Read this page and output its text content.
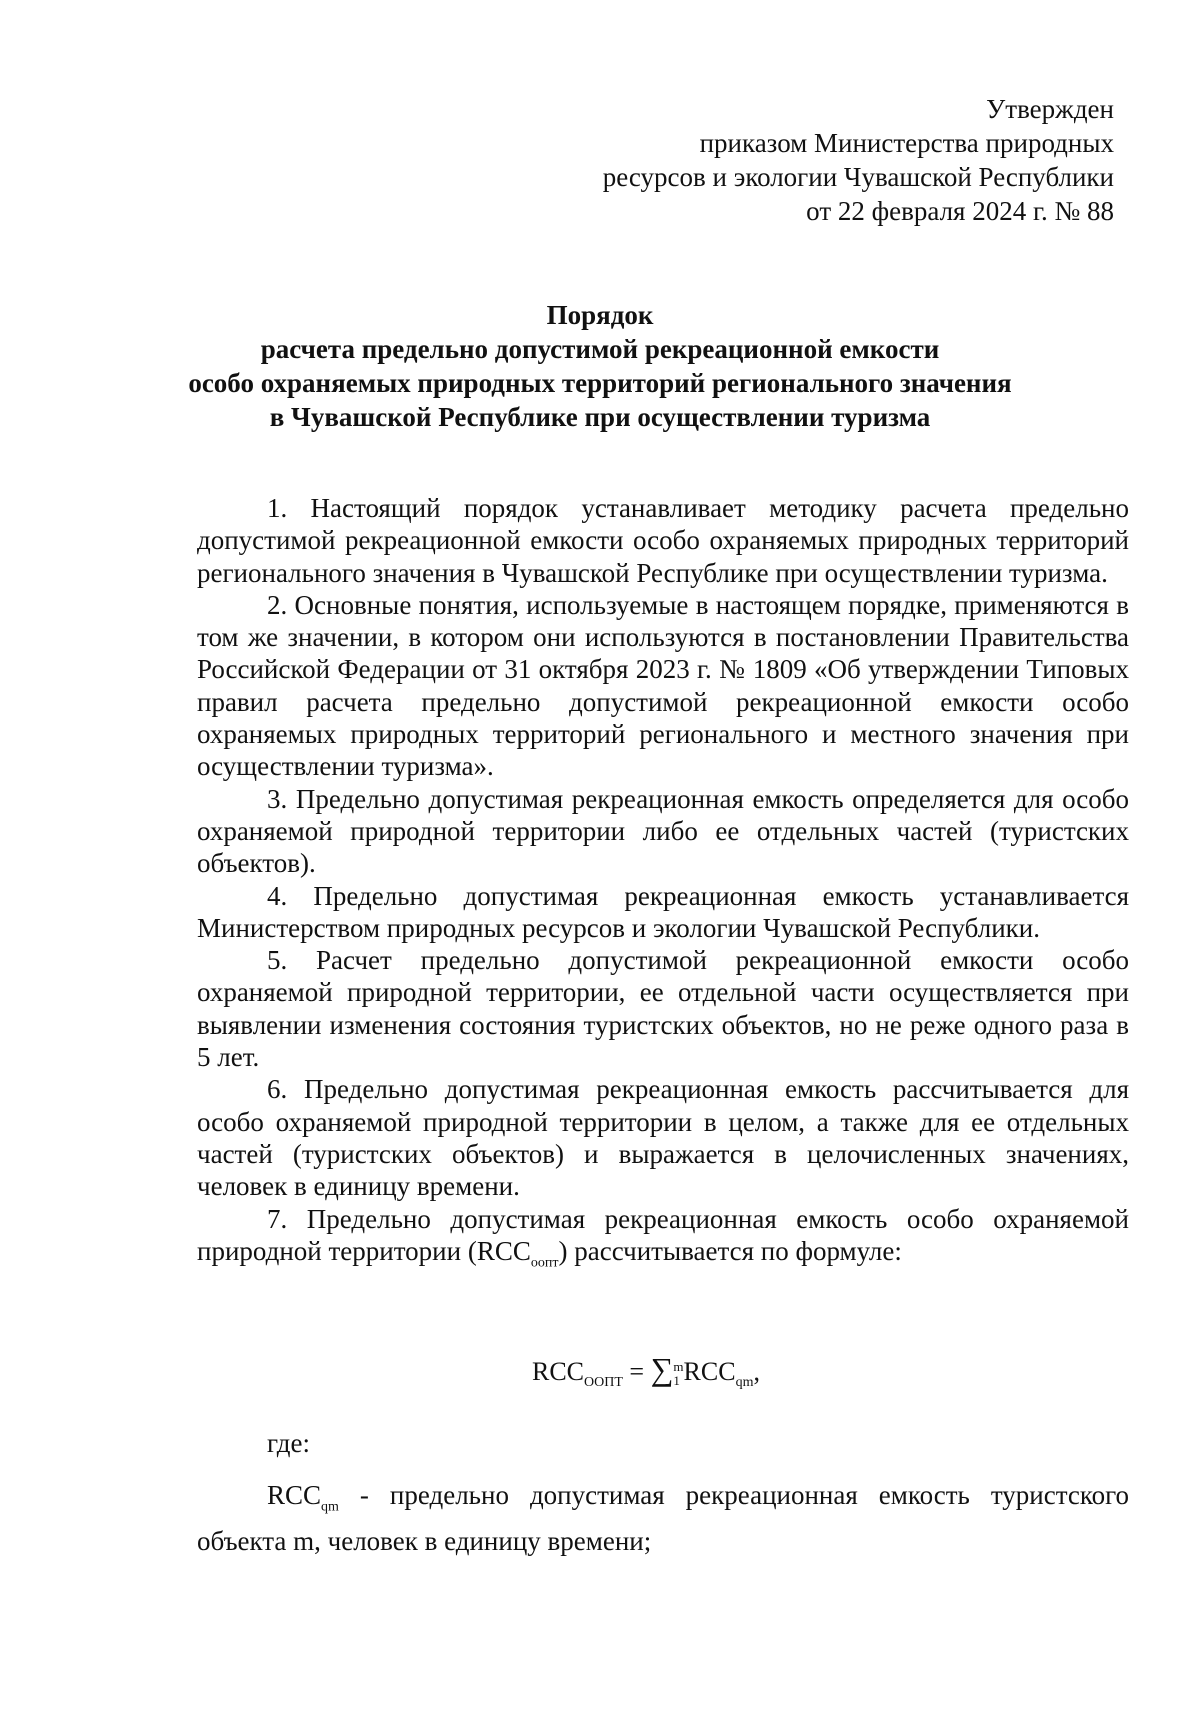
Утвержден
приказом Министерства природных
ресурсов и экологии Чувашской Республики
от 22 февраля 2024 г. № 88
Порядок
расчета предельно допустимой рекреационной емкости
особо охраняемых природных территорий регионального значения
в Чувашской Республике при осуществлении туризма

1. Настоящий порядок устанавливает методику расчета предельно допустимой рекреационной емкости особо охраняемых природных территорий регионального значения в Чувашской Республике при осуществлении туризма.

2. Основные понятия, используемые в настоящем порядке, применяются в том же значении, в котором они используются в постановлении Правительства Российской Федерации от 31 октября 2023 г. № 1809 «Об утверждении Типовых правил расчета предельно допустимой рекреационной емкости особо охраняемых природных территорий регионального и местного значения при осуществлении туризма».

3. Предельно допустимая рекреационная емкость определяется для особо охраняемой природной территории либо ее отдельных частей (туристских объектов).

4. Предельно допустимая рекреационная емкость устанавливается Министерством природных ресурсов и экологии Чувашской Республики.

5. Расчет предельно допустимой рекреационной емкости особо охраняемой природной территории, ее отдельной части осуществляется при выявлении изменения состояния туристских объектов, но не реже одного раза в 5 лет.

6. Предельно допустимая рекреационная емкость рассчитывается для особо охраняемой природной территории в целом, а также для ее отдельных частей (туристских объектов) и выражается в целочисленных значениях, человек в единицу времени.

7. Предельно допустимая рекреационная емкость особо охраняемой природной территории $(RCC_{оопт})$ рассчитывается по формуле:

$RCC_{ООПТ} = \sum m$
1 $RCC_{qm}$,
где:

$RCC_{qm}$ - предельно допустимая рекреационная емкость туристского объекта m, человек в единицу времени;
